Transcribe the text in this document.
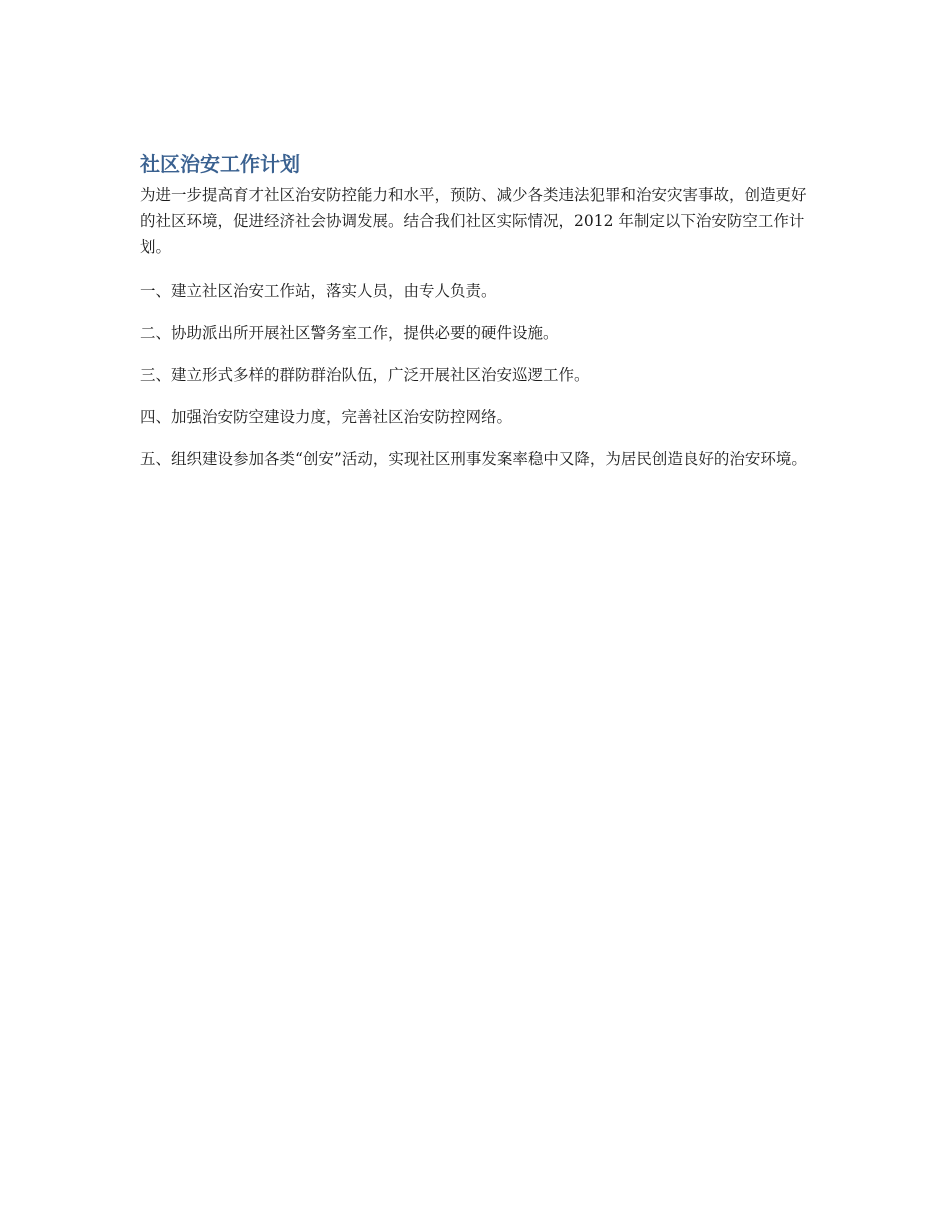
社区治安工作计划

为进一步提高育才社区治安防控能力和水平，预防、减少各类违法犯罪和治安灾害事故，创造更好的社区环境，促进经济社会协调发展。结合我们社区实际情况，2012 年制定以下治安防空工作计划。

一、建立社区治安工作站，落实人员，由专人负责。

二、协助派出所开展社区警务室工作，提供必要的硬件设施。

三、建立形式多样的群防群治队伍，广泛开展社区治安巡逻工作。

四、加强治安防空建设力度，完善社区治安防控网络。

五、组织建设参加各类“创安”活动，实现社区刑事发案率稳中又降，为居民创造良好的治安环境。
